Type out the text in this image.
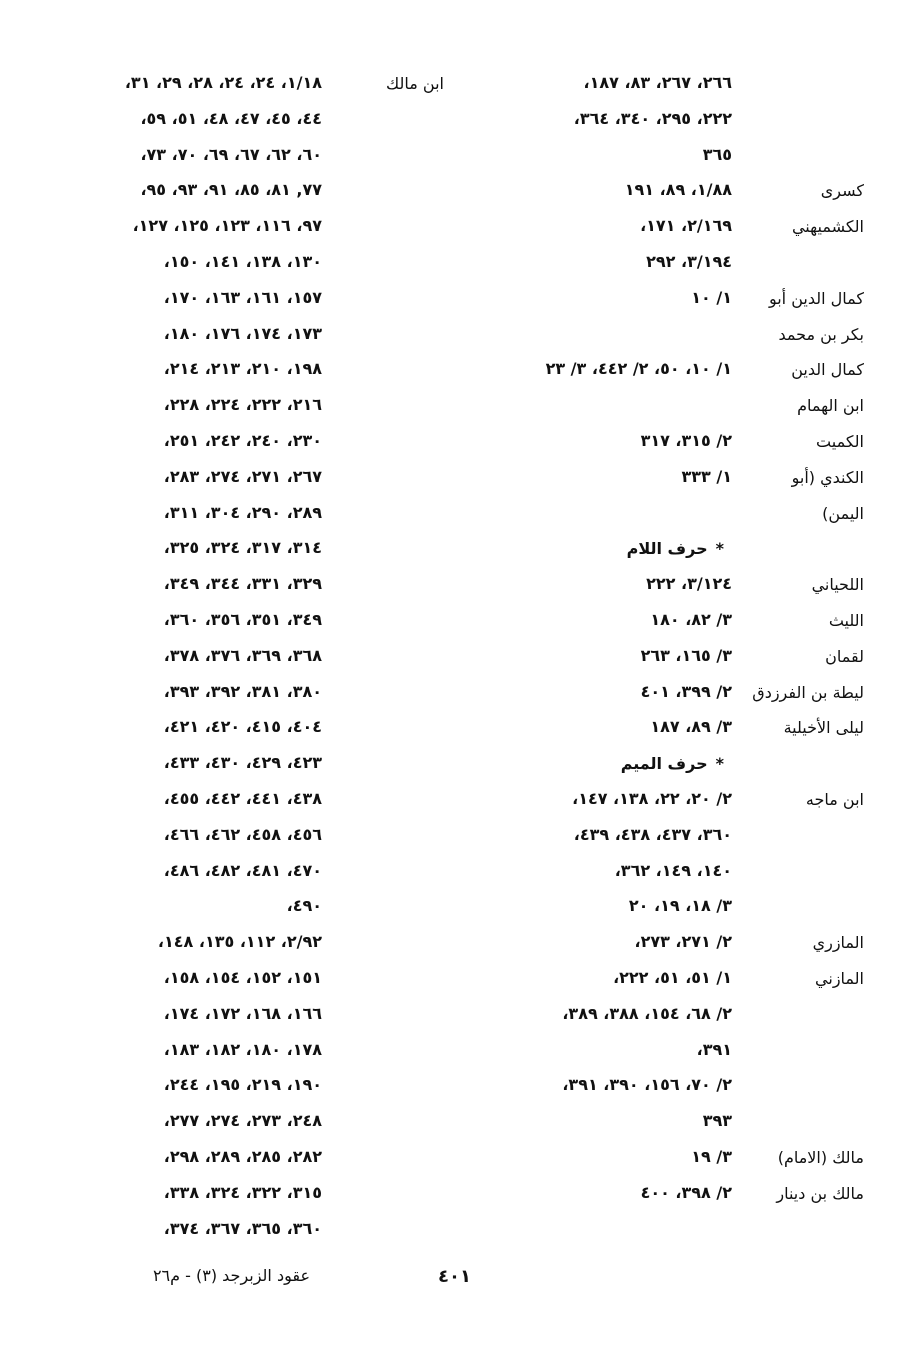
٢٦٦، ٢٦٧، ٨٣، ١٨٧،
٢٢٢، ٢٩٥، ٣٤٠، ٣٦٤،
٣٦٥
كسرى
١/٨٨، ٨٩، ١٩١
الكشميهني
٢/١٦٩، ١٧١،
٣/١٩٤، ٢٩٢
كمال الدين أبو
١/ ١٠
بكر بن محمد
كمال الدين
١/ ١٠، ٥٠، ٢/ ٤٤٢، ٣/ ٢٣
ابن الهمام
الكميت
٢/ ٣١٥، ٣١٧
الكندي (أبو
١/ ٣٣٣
اليمن)
*حرف اللام
اللحياني
٣/١٢٤، ٢٢٢
الليث
٣/ ٨٢، ١٨٠
لقمان
٣/ ١٦٥، ٢٦٣
ليطة بن الفرزدق
٢/ ٣٩٩، ٤٠١
ليلى الأخيلية
٣/ ٨٩، ١٨٧
*حرف الميم
ابن ماجه
٢/ ٢٠، ٢٢، ١٣٨، ١٤٧،
٣٦٠، ٤٣٧، ٤٣٨، ٤٣٩،
١٤٠، ١٤٩، ٣٦٢،
٣/ ١٨، ١٩، ٢٠
المازري
٢/ ٢٧١، ٢٧٣،
المازني
١/ ٥١، ٥١، ٢٢٢،
٢/ ٦٨، ١٥٤، ٣٨٨، ٣٨٩،
٣٩١،
٢/ ٧٠، ١٥٦، ٣٩٠، ٣٩١،
٣٩٣
مالك (الامام)
٣/ ١٩
مالك بن دينار
٢/ ٣٩٨، ٤٠٠
ابن مالك
١/١٨، ٢٤، ٢٤، ٢٨، ٢٩، ٣١،
٤٤، ٤٥، ٤٧، ٤٨، ٥١، ٥٩،
٦٠، ٦٢، ٦٧، ٦٩، ٧٠، ٧٣،
٧٧, ٨١، ٨٥، ٩١، ٩٣، ٩٥،
٩٧، ١١٦، ١٢٣، ١٢٥، ١٢٧،
١٣٠، ١٣٨، ١٤١، ١٥٠،
١٥٧، ١٦١، ١٦٣، ١٧٠،
١٧٣، ١٧٤، ١٧٦، ١٨٠،
١٩٨، ٢١٠، ٢١٣، ٢١٤،
٢١٦، ٢٢٢، ٢٢٤، ٢٢٨،
٢٣٠، ٢٤٠، ٢٤٢، ٢٥١،
٢٦٧، ٢٧١، ٢٧٤، ٢٨٣،
٢٨٩، ٢٩٠، ٣٠٤، ٣١١،
٣١٤، ٣١٧، ٣٢٤، ٣٢٥،
٣٢٩، ٣٣١، ٣٤٤، ٣٤٩،
٣٤٩، ٣٥١، ٣٥٦، ٣٦٠،
٣٦٨، ٣٦٩، ٣٧٦، ٣٧٨،
٣٨٠، ٣٨١، ٣٩٢، ٣٩٣،
٤٠٤، ٤١٥، ٤٢٠، ٤٢١،
٤٢٣، ٤٢٩، ٤٣٠، ٤٣٣،
٤٣٨، ٤٤١، ٤٤٢، ٤٥٥،
٤٥٦، ٤٥٨، ٤٦٢، ٤٦٦،
٤٧٠، ٤٨١، ٤٨٢، ٤٨٦،
٤٩٠،
٢/٩٢، ١١٢، ١٣٥، ١٤٨،
١٥١، ١٥٢، ١٥٤، ١٥٨،
١٦٦، ١٦٨، ١٧٢، ١٧٤،
١٧٨، ١٨٠، ١٨٢، ١٨٣،
١٩٠، ٢١٩، ١٩٥، ٢٤٤،
٢٤٨، ٢٧٣، ٢٧٤، ٢٧٧،
٢٨٢، ٢٨٥، ٢٨٩، ٢٩٨،
٣١٥، ٣٢٢، ٣٢٤، ٣٣٨،
٣٦٠، ٣٦٥، ٣٦٧، ٣٧٤،
عقود الزبرجد (٣) - م٢٦	٤٠١
